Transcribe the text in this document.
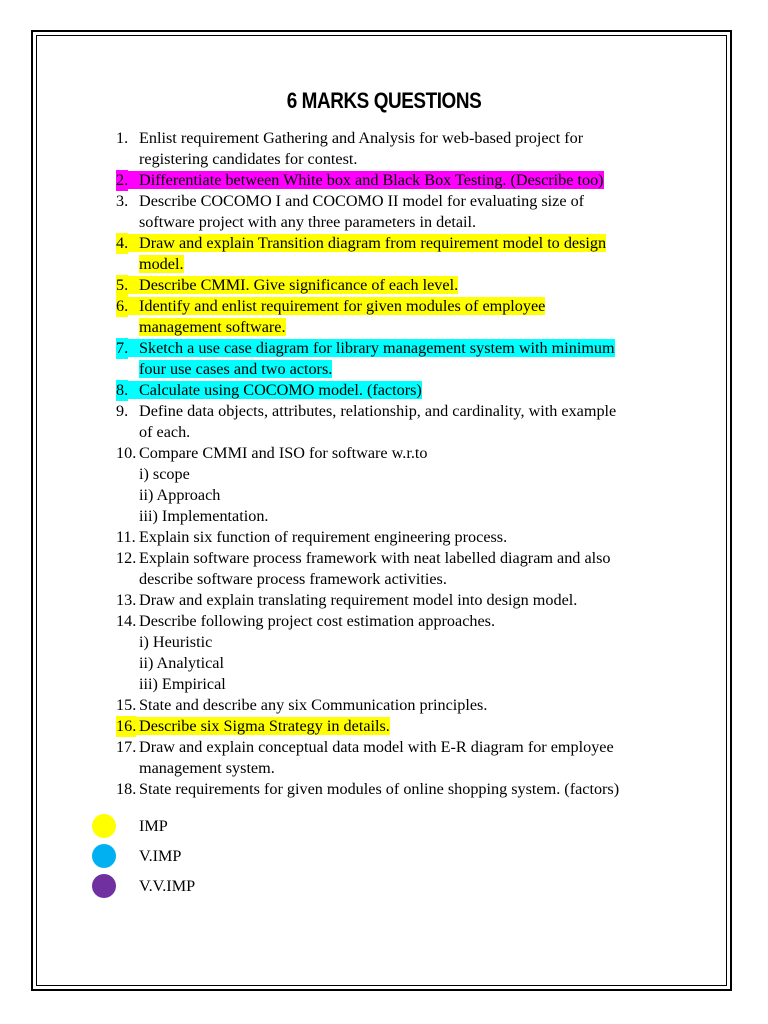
6 MARKS QUESTIONS
1. Enlist requirement Gathering and Analysis for web-based project for
registering candidates for contest.
2. Differentiate between White box and Black Box Testing. (Describe too)
3. Describe COCOMO I and COCOMO II model for evaluating size of
software project with any three parameters in detail.
4. Draw and explain Transition diagram from requirement model to design
model.
5. Describe CMMI. Give significance of each level.
6. Identify and enlist requirement for given modules of employee
management software.
7. Sketch a use case diagram for library management system with minimum
four use cases and two actors.
8. Calculate using COCOMO model. (factors)
9. Define data objects, attributes, relationship, and cardinality, with example
of each.
10. Compare CMMI and ISO for software w.r.to
i) scope
ii) Approach
iii) Implementation.
11. Explain six function of requirement engineering process.
12. Explain software process framework with neat labelled diagram and also
describe software process framework activities.
13. Draw and explain translating requirement model into design model.
14. Describe following project cost estimation approaches.
i) Heuristic
ii) Analytical
iii) Empirical
15. State and describe any six Communication principles.
16. Describe six Sigma Strategy in details.
17. Draw and explain conceptual data model with E-R diagram for employee
management system.
18. State requirements for given modules of online shopping system. (factors)
IMP
V.IMP
V.V.IMP
